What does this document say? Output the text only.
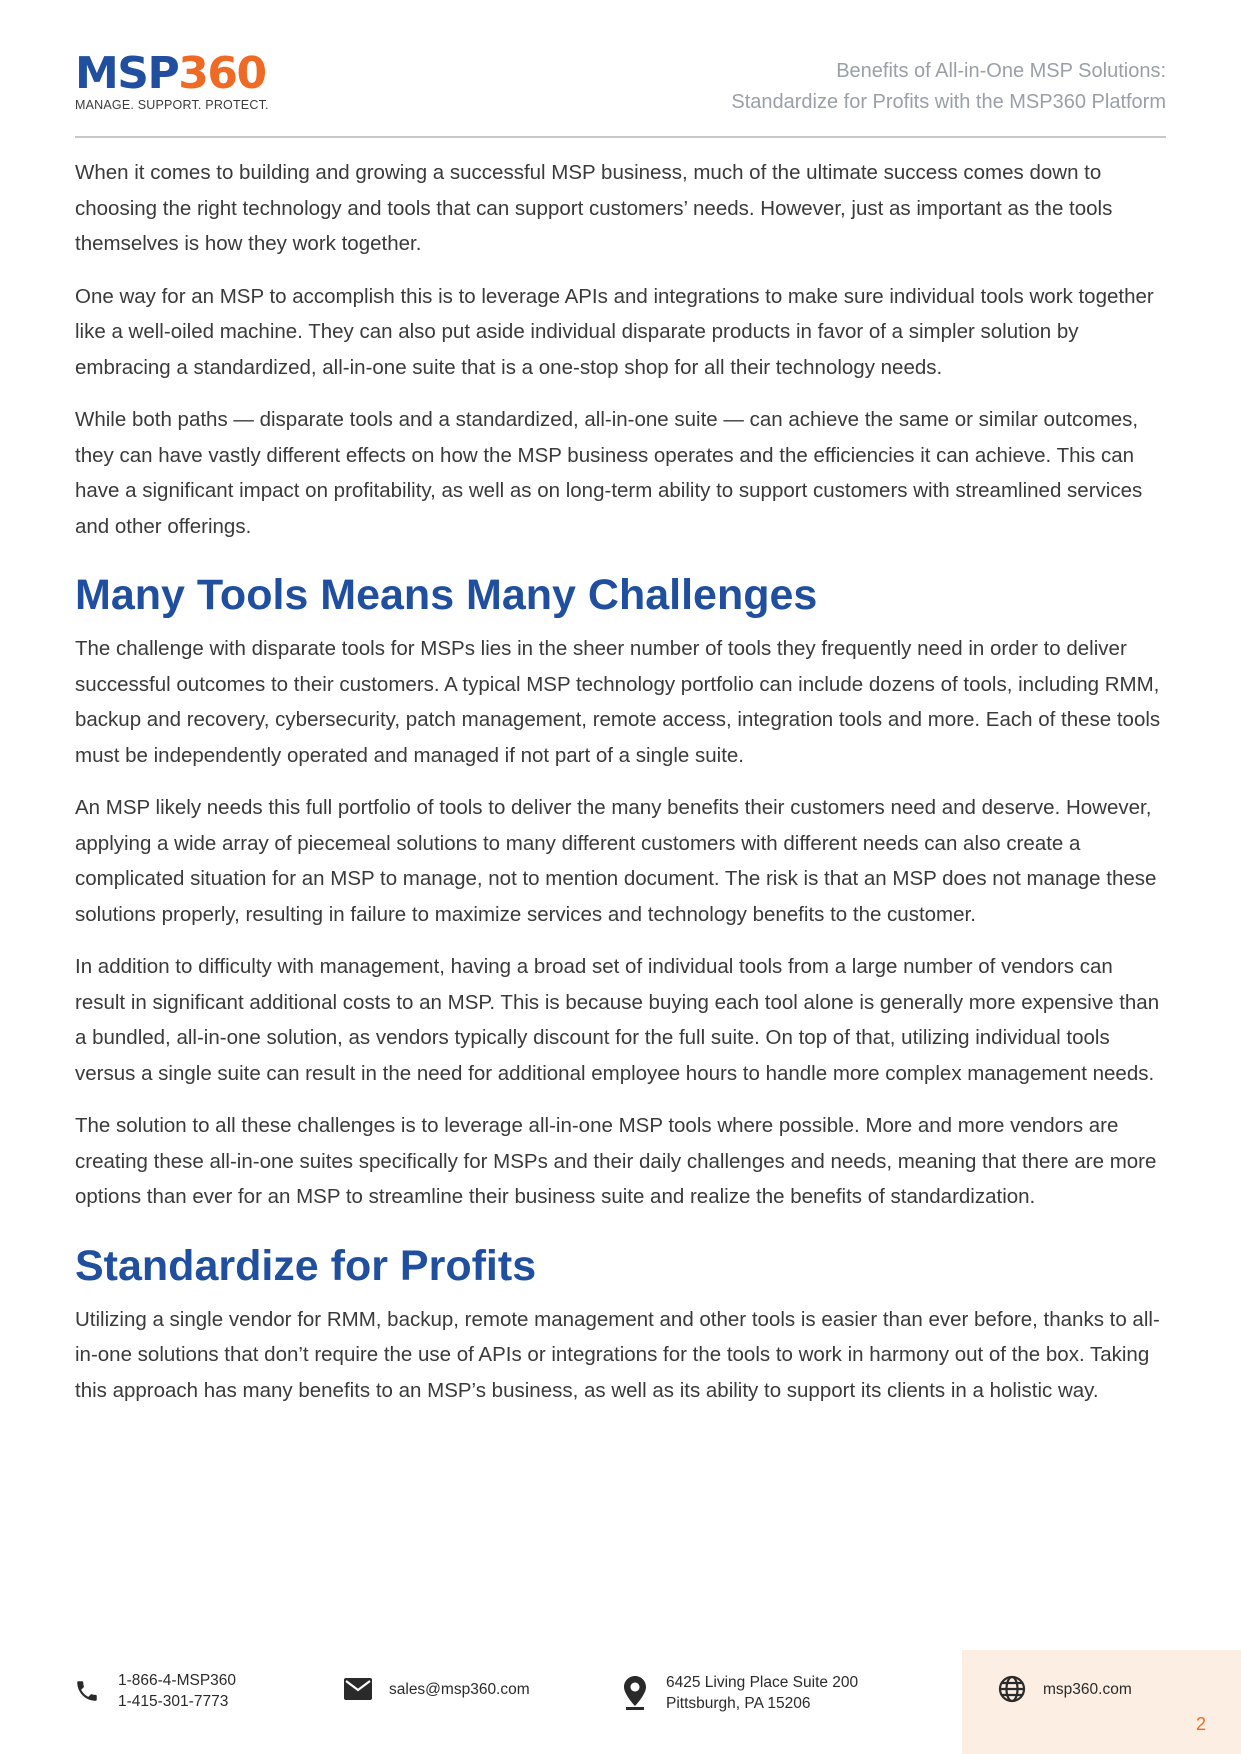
MSP360
MANAGE. SUPPORT. PROTECT.
Benefits of All-in-One MSP Solutions:
Standardize for Profits with the MSP360 Platform

When it comes to building and growing a successful MSP business, much of the ultimate success comes down to choosing the right technology and tools that can support customers’ needs. However, just as important as the tools themselves is how they work together.

One way for an MSP to accomplish this is to leverage APIs and integrations to make sure individual tools work together like a well-oiled machine. They can also put aside individual disparate products in favor of a simpler solution by embracing a standardized, all-in-one suite that is a one-stop shop for all their technology needs.

While both paths — disparate tools and a standardized, all-in-one suite — can achieve the same or similar outcomes, they can have vastly different effects on how the MSP business operates and the efficiencies it can achieve. This can have a significant impact on profitability, as well as on long-term ability to support customers with streamlined services and other offerings.

Many Tools Means Many Challenges

The challenge with disparate tools for MSPs lies in the sheer number of tools they frequently need in order to deliver successful outcomes to their customers. A typical MSP technology portfolio can include dozens of tools, including RMM, backup and recovery, cybersecurity, patch management, remote access, integration tools and more. Each of these tools must be independently operated and managed if not part of a single suite.

An MSP likely needs this full portfolio of tools to deliver the many benefits their customers need and deserve. However, applying a wide array of piecemeal solutions to many different customers with different needs can also create a complicated situation for an MSP to manage, not to mention document. The risk is that an MSP does not manage these solutions properly, resulting in failure to maximize services and technology benefits to the customer.

In addition to difficulty with management, having a broad set of individual tools from a large number of vendors can result in significant additional costs to an MSP. This is because buying each tool alone is generally more expensive than a bundled, all-in-one solution, as vendors typically discount for the full suite. On top of that, utilizing individual tools versus a single suite can result in the need for additional employee hours to handle more complex management needs.

The solution to all these challenges is to leverage all-in-one MSP tools where possible. More and more vendors are creating these all-in-one suites specifically for MSPs and their daily challenges and needs, meaning that there are more options than ever for an MSP to streamline their business suite and realize the benefits of standardization.

Standardize for Profits

Utilizing a single vendor for RMM, backup, remote management and other tools is easier than ever before, thanks to all-in-one solutions that don’t require the use of APIs or integrations for the tools to work in harmony out of the box. Taking this approach has many benefits to an MSP’s business, as well as its ability to support its clients in a holistic way.

1-866-4-MSP360
1-415-301-7773
sales@msp360.com	6425 Living Place Suite 200
Pittsburgh, PA 15206
msp360.com
2
